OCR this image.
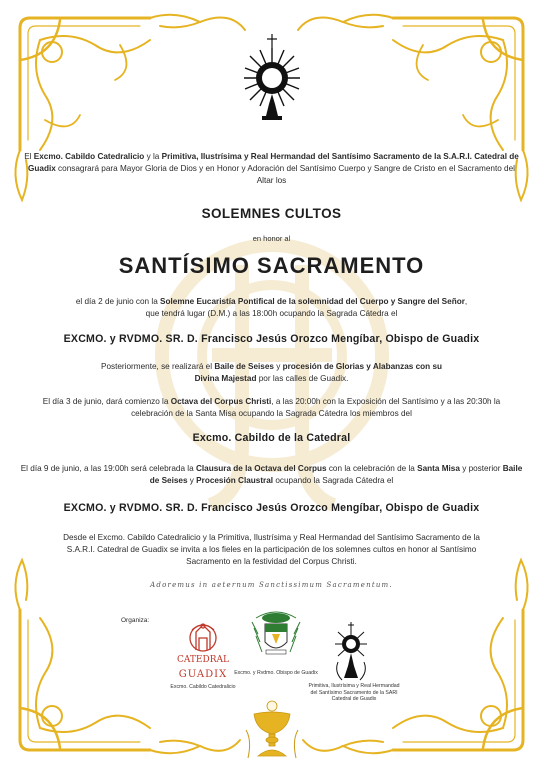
El Excmo. Cabildo Catedralicio y la Primitiva, Ilustrísima y Real Hermandad del Santísimo Sacramento de la S.A.R.I. Catedral de Guadix consagrará para Mayor Gloria de Dios y en Honor y Adoración del Santísimo Cuerpo y Sangre de Cristo en el Sacramento del Altar los

SOLEMNES CULTOS

en honor al

SANTÍSIMO SACRAMENTO

el día 2 de junio con la Solemne Eucaristía Pontifical de la solemnidad del Cuerpo y Sangre del Señor,
que tendrá lugar (D.M.) a las 18:00h ocupando la Sagrada Cátedra el

EXCMO. y RVDMO. SR. D. Francisco Jesús Orozco Mengíbar, Obispo de Guadix

Posteriormente, se realizará el Baile de Seises y procesión de Glorias y Alabanzas con su Divina Majestad por las calles de Guadix.

El día 3 de junio, dará comienzo la Octava del Corpus Christi, a las 20:00h con la Exposición del Santísimo y a las 20:30h la celebración de la Santa Misa ocupando la Sagrada Cátedra los miembros del

Excmo. Cabildo de la Catedral

El día 9 de junio, a las 19:00h será celebrada la Clausura de la Octava del Corpus con la celebración de la Santa Misa y posterior Baile de Seises y Procesión Claustral ocupando la Sagrada Cátedra el

EXCMO. y RVDMO. SR. D. Francisco Jesús Orozco Mengíbar, Obispo de Guadix

Desde el Excmo. Cabildo Catedralicio y la Primitiva, Ilustrísima y Real Hermandad del Santísimo Sacramento de la S.A.R.I. Catedral de Guadix se invita a los fieles en la participación de los solemnes cultos en honor al Santísimo Sacramento en la festividad del Corpus Christi.

Adoremus in aeternum Sanctissimum Sacramentum.

Organiza:
CATEDRAL
GUADIX
Excmo. Cabildo Catedralicio
Excmo. y Rvdmo. Obispo de Guadix
Primitiva, Ilustrísima y Real Hermandad del Santísimo Sacramento de la SARI Catedral de Guadix
